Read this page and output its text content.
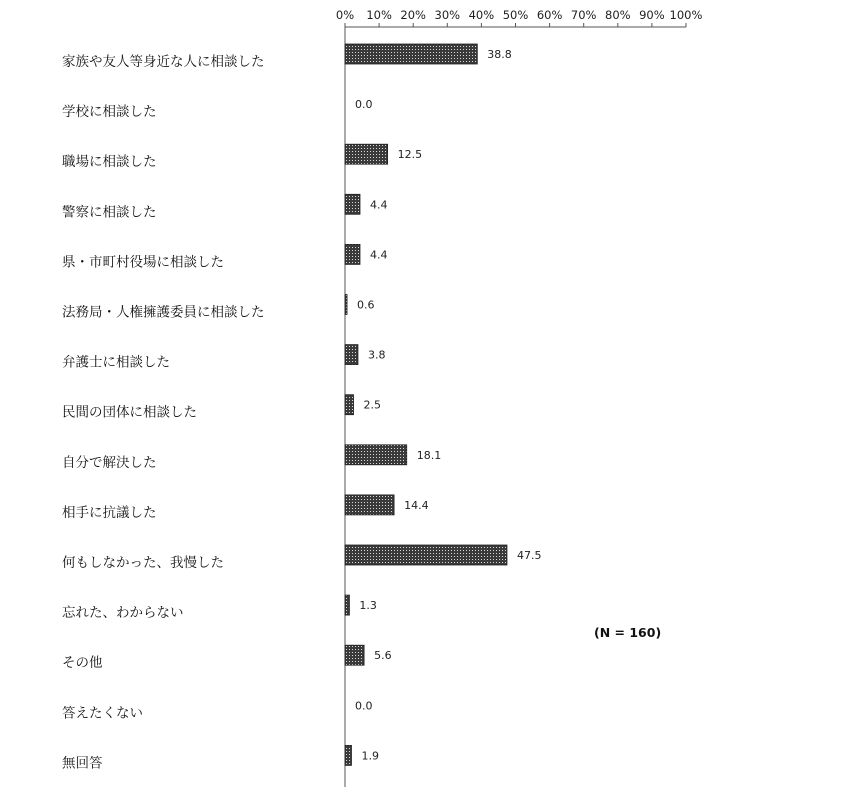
0% 10% 20% 30% 40% 50% 60% 70% 80% 90% 100%
家族や友人等身近な人に相談した	38.8
学校に相談した	0.0
職場に相談した	12.5
警察に相談した	4.4
県・市町村役場に相談した	4.4
法務局・人権擁護委員に相談した	0.6
弁護士に相談した	3.8
民間の団体に相談した	2.5
自分で解決した	18.1
相手に抗議した	14.4
何もしなかった、我慢した	47.5
忘れた、わからない	1.3
その他	5.6
答えたくない	0.0
無回答	1.9
(N = 160)
